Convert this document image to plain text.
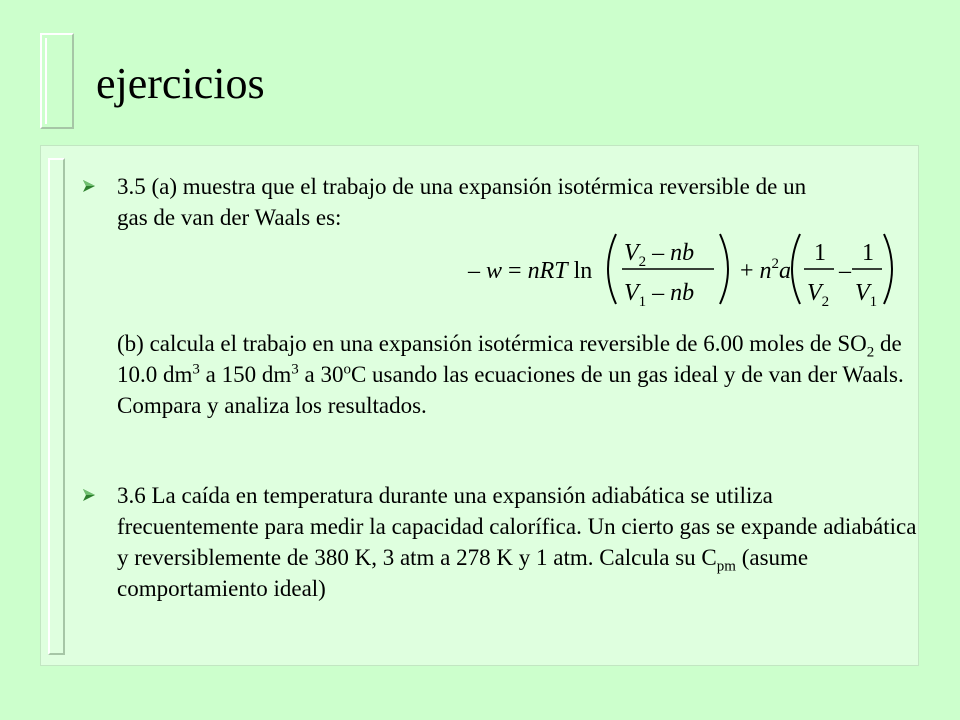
ejercicios

3.5 (a) muestra que el trabajo de una expansión isotérmica reversible de un gas de van der Waals es:

– w = nRT ln
$V_2$ – nb
$V_1$ – nb
+ $n^2a$
1
$V_2$
–
1
$V_1$

(b) calcula el trabajo en una expansión isotérmica reversible de 6.00 moles de $SO_2$ de 10.0 $dm^3$ a 150 $dm^3$ a 30$^o$C usando las ecuaciones de un gas ideal y de van der Waals. Compara y analiza los resultados.

3.6 La caída en temperatura durante una expansión adiabática se utiliza frecuentemente para medir la capacidad calorífica. Un cierto gas se expande adiabática y reversiblemente de 380 K, 3 atm a 278 K y 1 atm. Calcula su $C_{pm}$ (asume comportamiento ideal)
